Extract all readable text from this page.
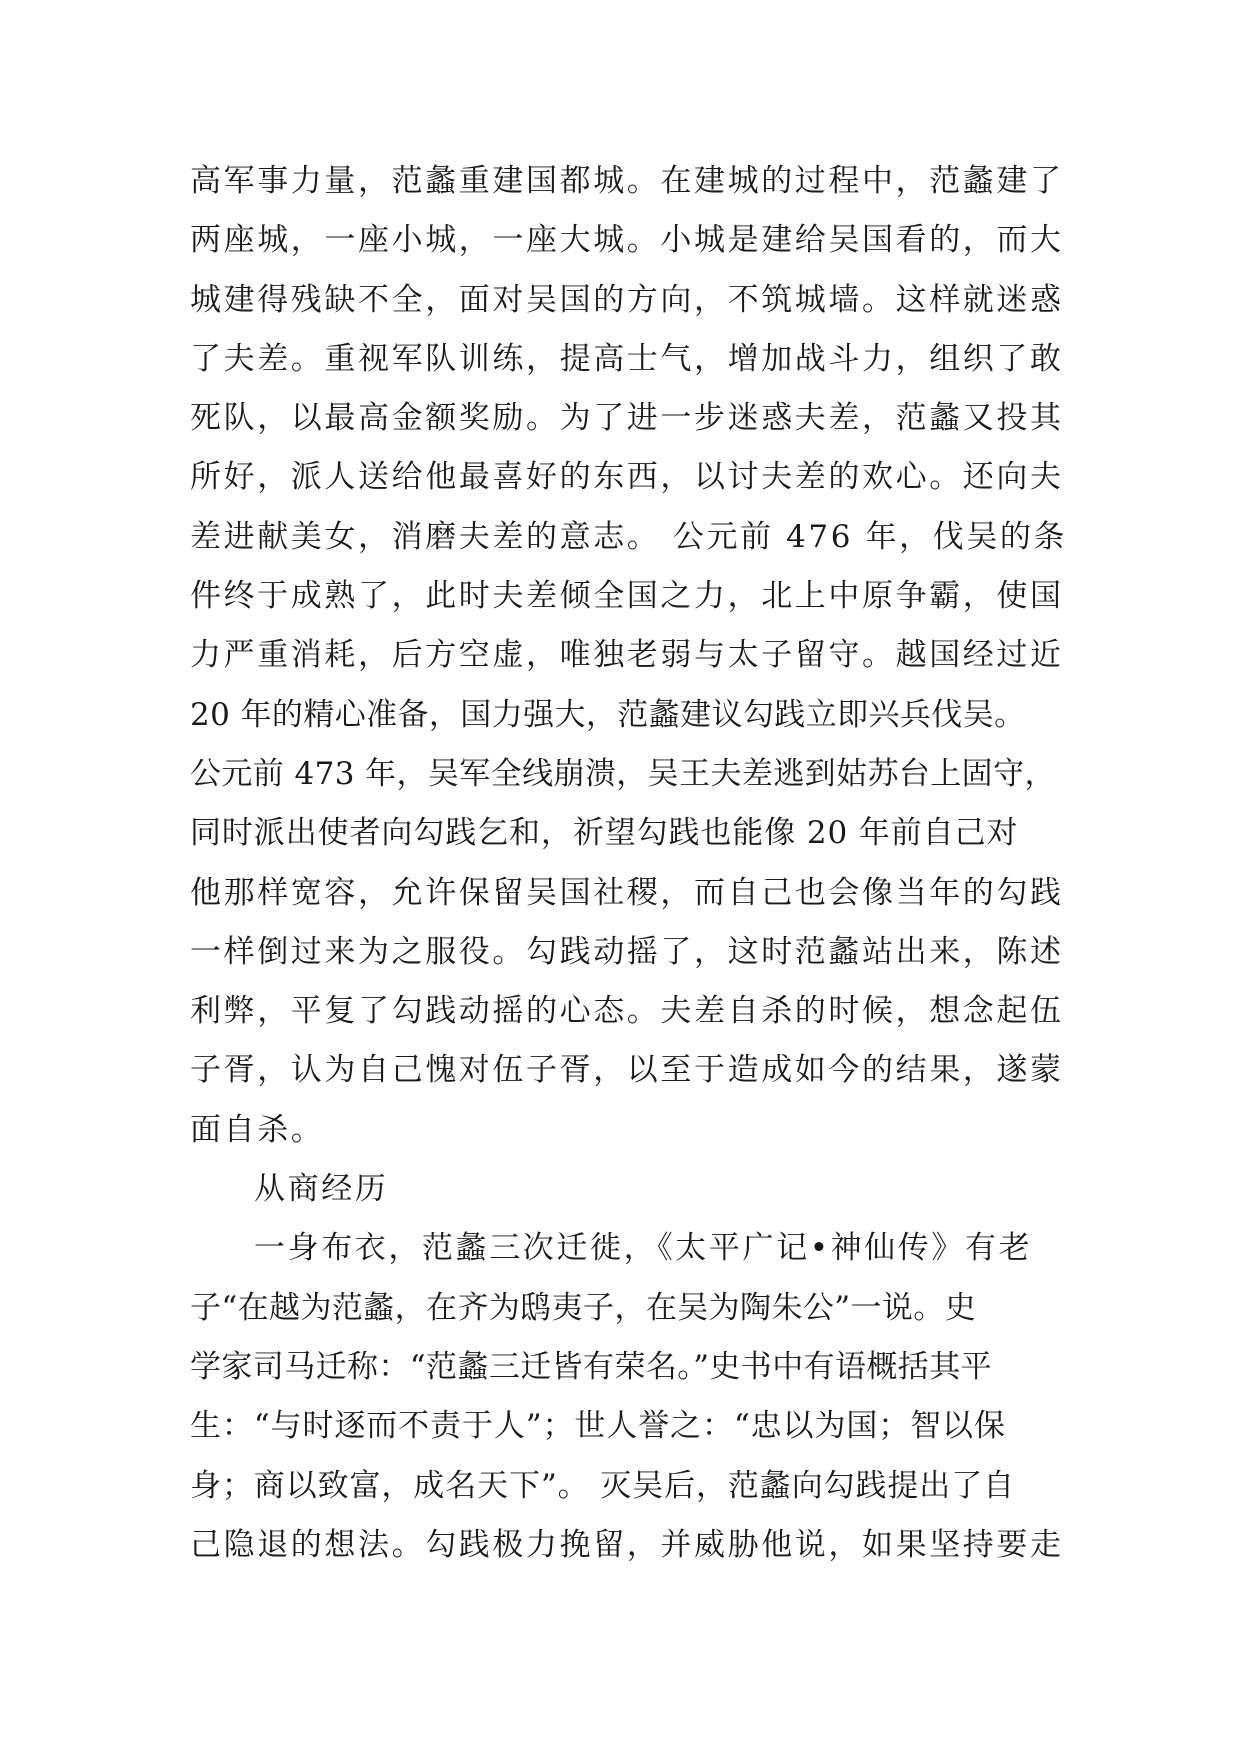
高军事力量，范蠡重建国都城。在建城的过程中，范蠡建了
两座城，一座小城，一座大城。小城是建给吴国看的，而大
城建得残缺不全，面对吴国的方向，不筑城墙。这样就迷惑
了夫差。重视军队训练，提高士气，增加战斗力，组织了敢
死队，以最高金额奖励。为了进一步迷惑夫差，范蠡又投其
所好，派人送给他最喜好的东西，以讨夫差的欢心。还向夫
差进献美女，消磨夫差的意志。 公元前 476 年，伐吴的条
件终于成熟了，此时夫差倾全国之力，北上中原争霸，使国
力严重消耗，后方空虚，唯独老弱与太子留守。越国经过近
20 年的精心准备，国力强大，范蠡建议勾践立即兴兵伐吴。
公元前 473 年，吴军全线崩溃，吴王夫差逃到姑苏台上固守，
同时派出使者向勾践乞和，祈望勾践也能像 20 年前自己对
他那样宽容，允许保留吴国社稷，而自己也会像当年的勾践
一样倒过来为之服役。勾践动摇了，这时范蠡站出来，陈述
利弊，平复了勾践动摇的心态。夫差自杀的时候，想念起伍
子胥，认为自己愧对伍子胥，以至于造成如今的结果，遂蒙
面自杀。
从商经历
一身布衣，范蠡三次迁徙，《太平广记•神仙传》有老
子“在越为范蠡，在齐为鸱夷子，在吴为陶朱公”一说。史
学家司马迁称：“范蠡三迁皆有荣名。”史书中有语概括其平
生：“与时逐而不责于人”；世人誉之：“忠以为国；智以保
身；商以致富，成名天下”。 灭吴后，范蠡向勾践提出了自
己隐退的想法。勾践极力挽留，并威胁他说，如果坚持要走
